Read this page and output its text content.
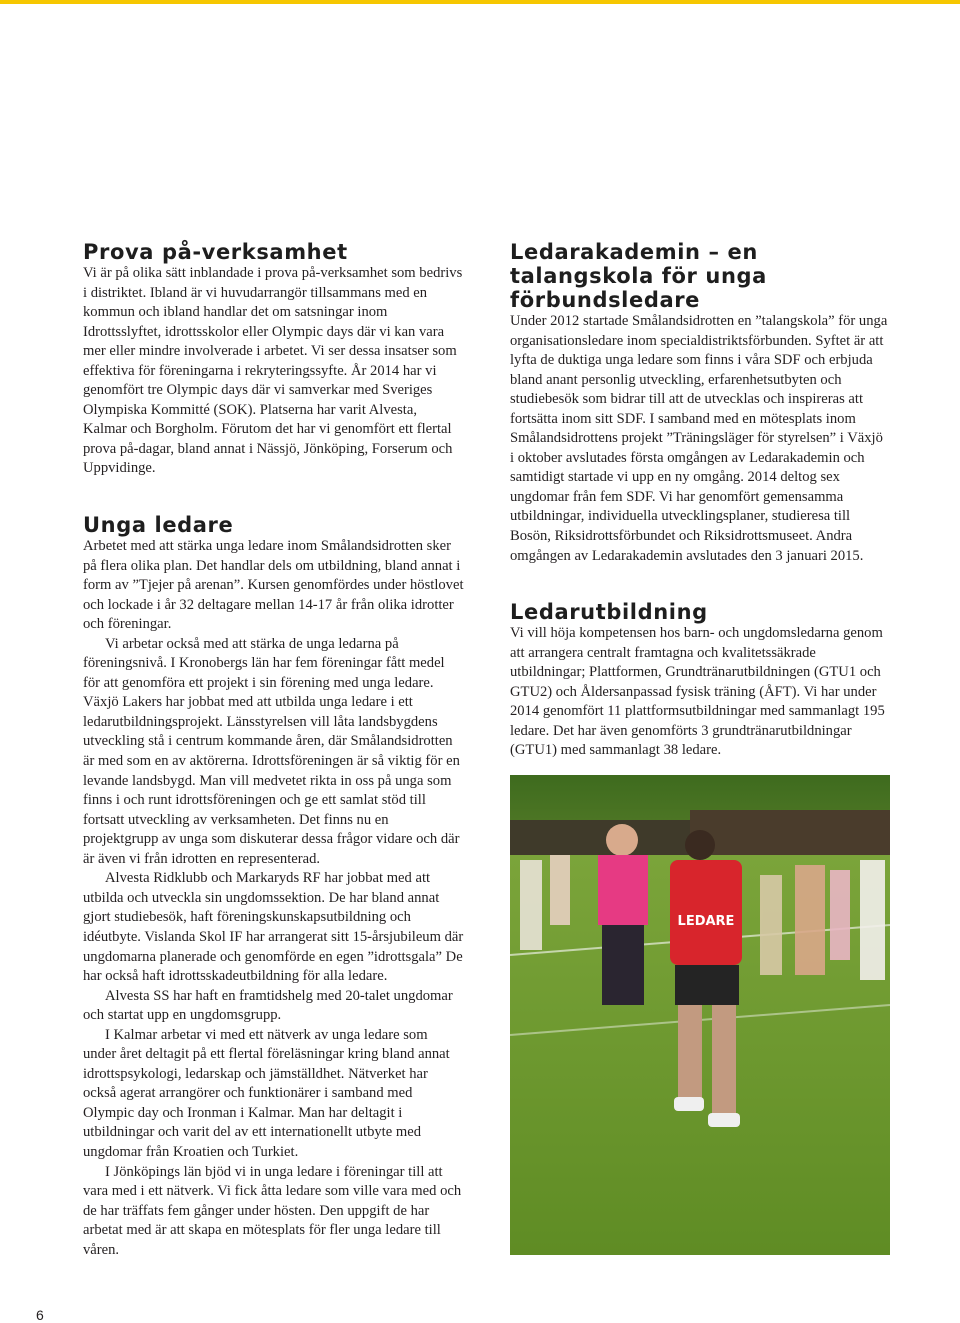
Prova på-verksamhet

Vi är på olika sätt inblandade i prova på-verksamhet som bedrivs i distriktet. Ibland är vi huvudarrangör tillsammans med en kommun och ibland handlar det om satsningar inom Idrottsslyftet, idrottsskolor eller Olympic days där vi kan vara mer eller mindre involverade i arbetet. Vi ser dessa insatser som effektiva för föreningarna i rekryteringssyfte. År 2014 har vi genomfört tre Olympic days där vi samverkar med Sveriges Olympiska Kommitté (SOK). Platserna har varit Alvesta, Kalmar och Borgholm. Förutom det har vi genomfört ett flertal prova på-dagar, bland annat i Nässjö, Jönköping, Forserum och Uppvidinge.

Unga ledare

Arbetet med att stärka unga ledare inom Smålandsidrotten sker på flera olika plan. Det handlar dels om utbildning, bland annat i form av ”Tjejer på arenan”. Kursen genomfördes under höstlovet och lockade i år 32 deltagare mellan 14-17 år från olika idrotter och föreningar.

Vi arbetar också med att stärka de unga ledarna på föreningsnivå. I Kronobergs län har fem föreningar fått medel för att genomföra ett projekt i sin förening med unga ledare. Växjö Lakers har jobbat med att utbilda unga ledare i ett ledarutbildningsprojekt. Länsstyrelsen vill låta landsbygdens utveckling stå i centrum kommande åren, där Smålandsidrotten är med som en av aktörerna. Idrottsföreningen är så viktig för en levande landsbygd. Man vill medvetet rikta in oss på unga som finns i och runt idrottsföreningen och ge ett samlat stöd till fortsatt utveckling av verksamheten. Det finns nu en projektgrupp av unga som diskuterar dessa frågor vidare och där är även vi från idrotten en representerad.

Alvesta Ridklubb och Markaryds RF har jobbat med att utbilda och utveckla sin ungdomssektion. De har bland annat gjort studiebesök, haft föreningskunskapsutbildning och idéutbyte. Vislanda Skol IF har arrangerat sitt 15-årsjubileum där ungdomarna planerade och genomförde en egen ”idrottsgala” De har också haft idrottsskadeutbildning för alla ledare.

Alvesta SS har haft en framtidshelg med 20-talet ungdomar och startat upp en ungdomsgrupp.

I Kalmar arbetar vi med ett nätverk av unga ledare som under året deltagit på ett flertal föreläsningar kring bland annat idrottspsykologi, ledarskap och jämställdhet. Nätverket har också agerat arrangörer och funktionärer i samband med Olympic day och Ironman i Kalmar. Man har deltagit i utbildningar och varit del av ett internationellt utbyte med ungdomar från Kroatien och Turkiet.

I Jönköpings län bjöd vi in unga ledare i föreningar till att vara med i ett nätverk. Vi fick åtta ledare som ville vara med och de har träffats fem gånger under hösten. Den uppgift de har arbetat med är att skapa en mötesplats för fler unga ledare till våren.

Ledarakademin – en talangskola för unga förbundsledare

Under 2012 startade Smålandsidrotten en ”talangskola” för unga organisationsledare inom specialdistriktsförbunden. Syftet är att lyfta de duktiga unga ledare som finns i våra SDF och erbjuda bland anant personlig utveckling, erfarenhetsutbyten och studiebesök som bidrar till att de utvecklas och inspireras att fortsätta inom sitt SDF. I samband med en mötesplats inom Smålandsidrottens projekt ”Träningsläger för styrelsen” i Växjö i oktober avslutades första omgången av Ledarakademin och samtidigt startade vi upp en ny omgång. 2014 deltog sex ungdomar från fem SDF. Vi har genomfört gemensamma utbildningar, individuella utvecklingsplaner, studieresa till Bosön, Riksidrottsförbundet och Riksidrottsmuseet. Andra omgången av Ledarakademin avslutades den 3 januari 2015.

Ledarutbildning

Vi vill höja kompetensen hos barn- och ungdomsledarna genom att arrangera centralt framtagna och kvalitetssäkrade utbildningar; Plattformen, Grundtränarutbildningen (GTU1 och GTU2) och Åldersanpassad fysisk träning (ÅFT). Vi har under 2014 genomfört 11 plattformsutbildningar med sammanlagt 195 ledare. Det har även genomförts 3 grundtränarutbildningar (GTU1) med sammanlagt 38 ledare.

LEDARE
6
